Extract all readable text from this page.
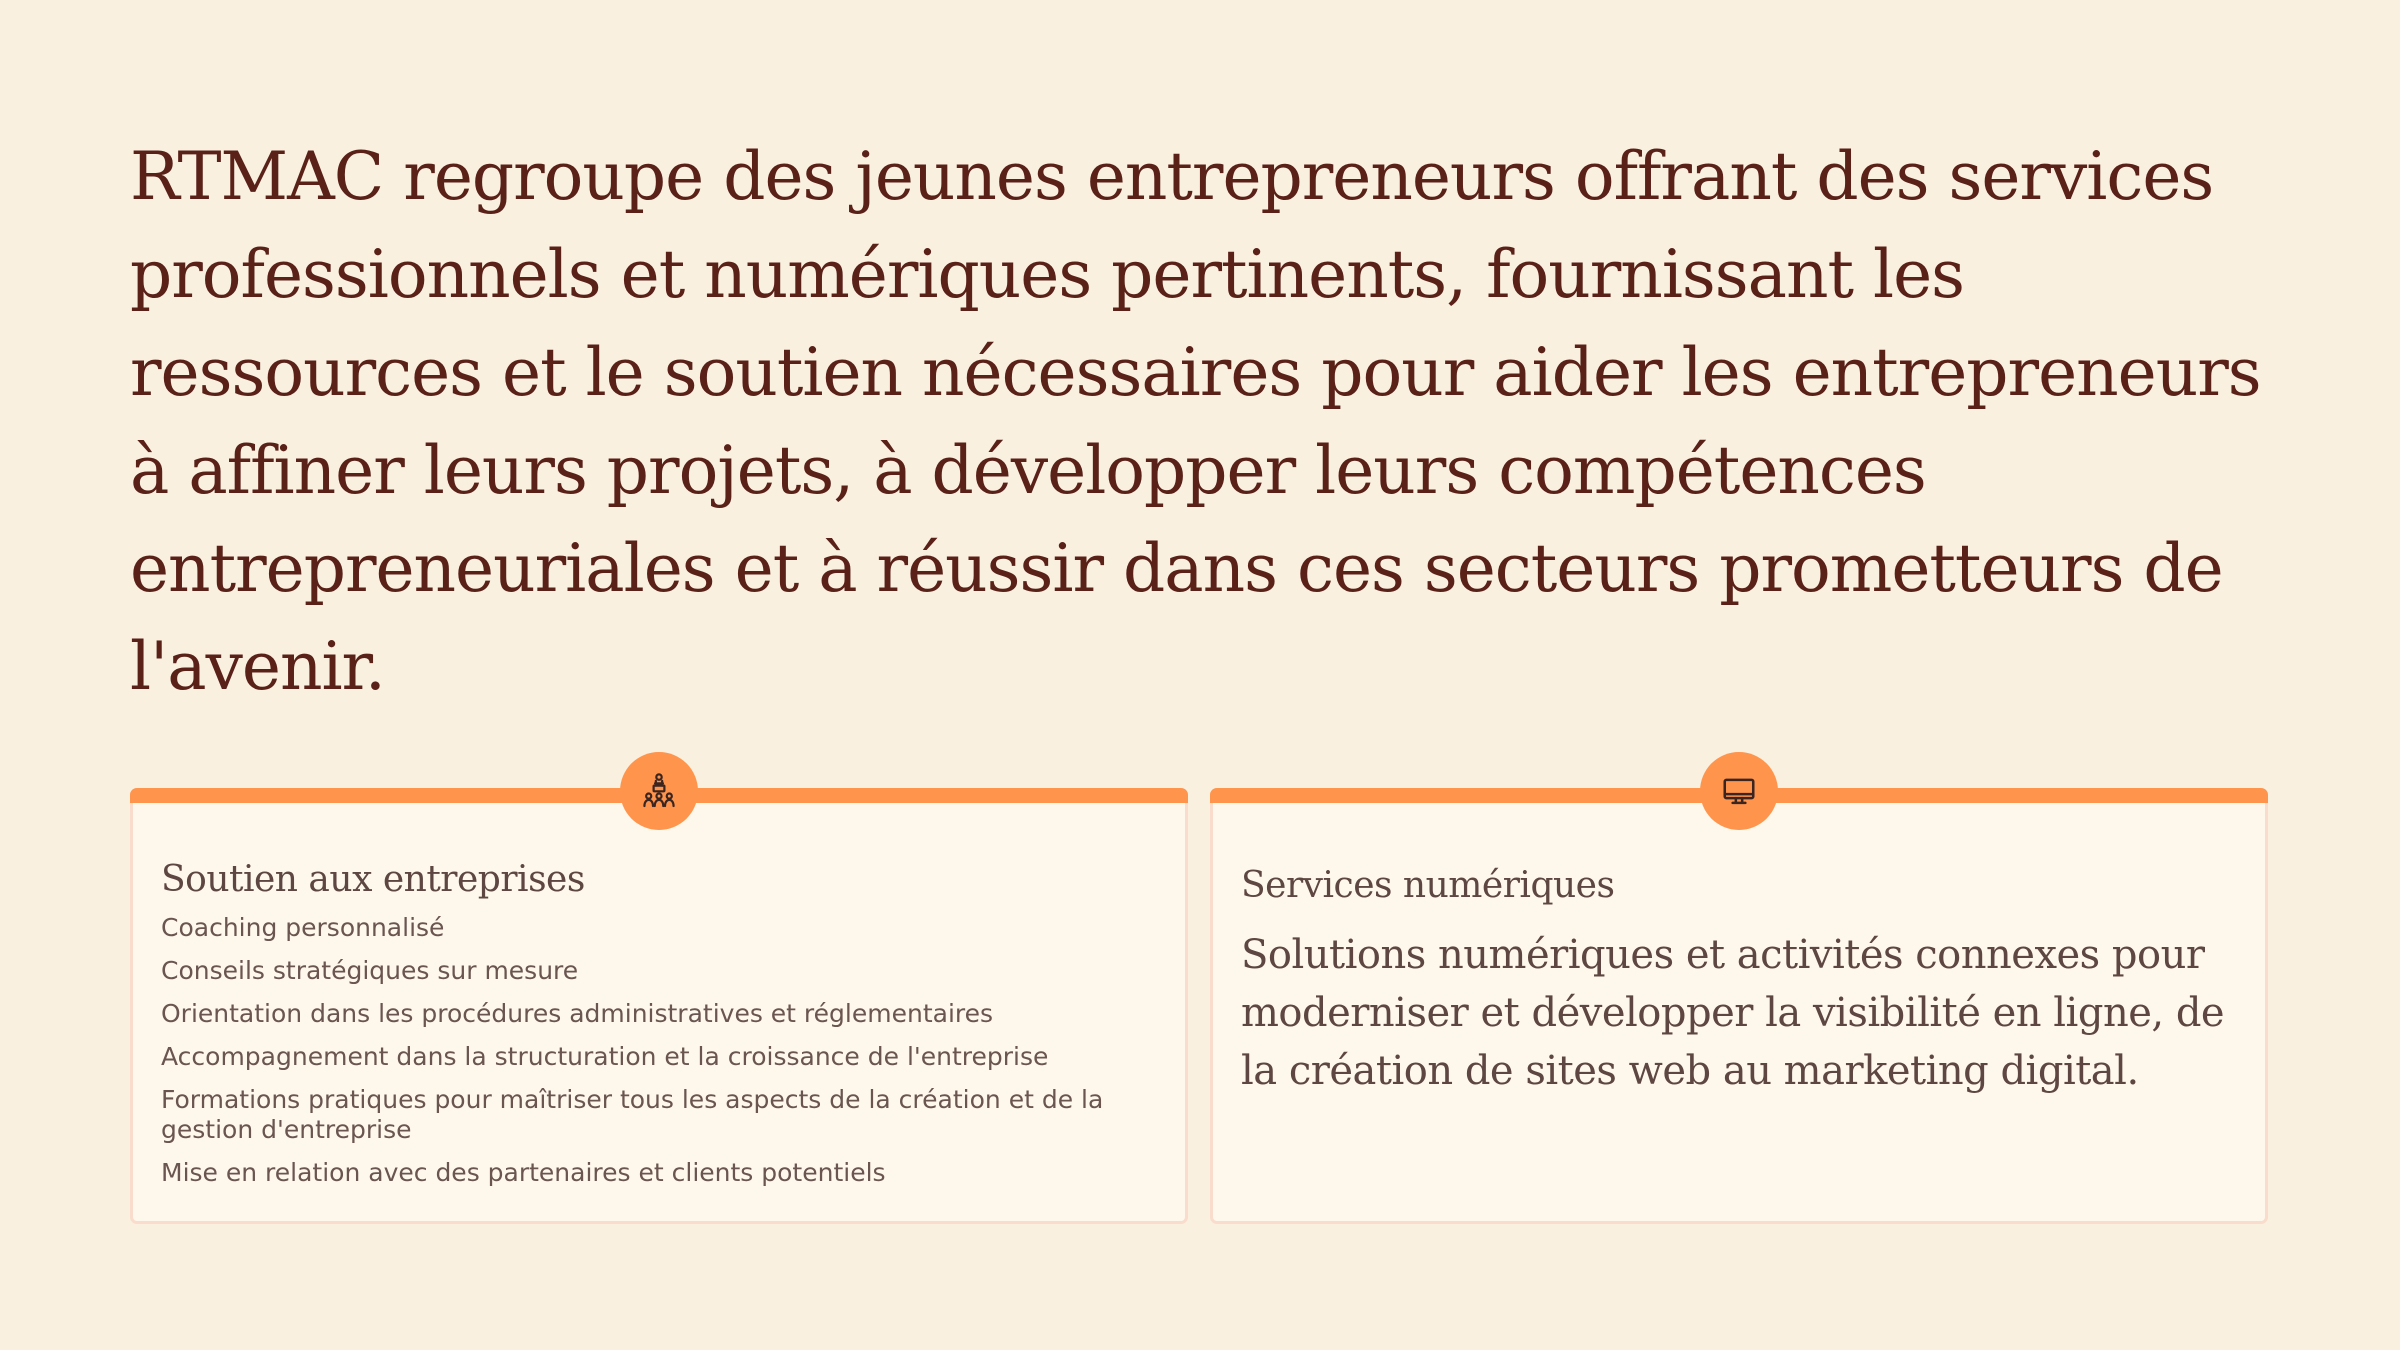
RTMAC regroupe des jeunes entrepreneurs offrant des services professionnels et numériques pertinents, fournissant les ressources et le soutien nécessaires pour aider les entrepreneurs à affiner leurs projets, à développer leurs compétences entrepreneuriales et à réussir dans ces secteurs prometteurs de l'avenir.

Soutien aux entreprises
Coaching personnalisé
Conseils stratégiques sur mesure
Orientation dans les procédures administratives et réglementaires
Accompagnement dans la structuration et la croissance de l'entreprise
Formations pratiques pour maîtriser tous les aspects de la création et de la gestion d'entreprise
Mise en relation avec des partenaires et clients potentiels
Services numériques

Solutions numériques et activités connexes pour moderniser et développer la visibilité en ligne, de la création de sites web au marketing digital.
